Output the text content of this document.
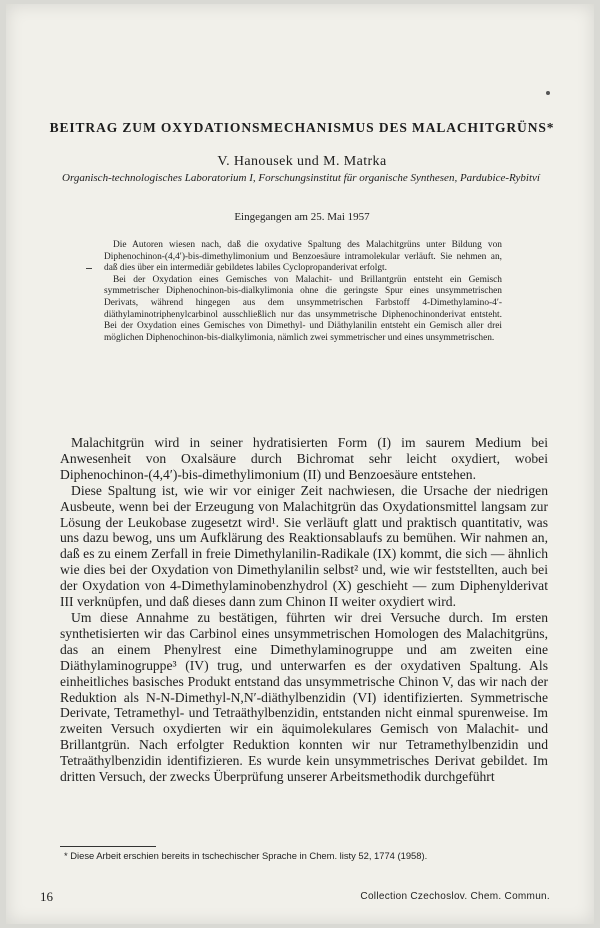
BEITRAG ZUM OXYDATIONSMECHANISMUS DES MALACHITGRÜNS*
V. Hanousek und M. Matrka
Organisch-technologisches Laboratorium I, Forschungsinstitut für organische Synthesen, Pardubice-Rybitví
Eingegangen am 25. Mai 1957

Die Autoren wiesen nach, daß die oxydative Spaltung des Malachitgrüns unter Bildung von Diphenochinon-(4,4′)-bis-dimethylimonium und Benzoesäure intramolekular verläuft. Sie nehmen an, daß dies über ein intermediär gebildetes labiles Cyclopropanderivat erfolgt.

Bei der Oxydation eines Gemisches von Malachit- und Brillantgrün entsteht ein Gemisch symmetrischer Diphenochinon-bis-dialkylimonia ohne die geringste Spur eines unsymmetrischen Derivats, während hingegen aus dem unsymmetrischen Farbstoff 4-Dimethylamino-4′-diäthylaminotriphenylcarbinol ausschließlich nur das unsymmetrische Diphenochinonderivat entsteht. Bei der Oxydation eines Gemisches von Dimethyl- und Diäthylanilin entsteht ein Gemisch aller drei möglichen Diphenochinon-bis-dialkylimonia, nämlich zwei symmetrischer und eines unsymmetrischen.

Malachitgrün wird in seiner hydratisierten Form (I) im saurem Medium bei Anwesenheit von Oxalsäure durch Bichromat sehr leicht oxydiert, wobei Diphenochinon-(4,4′)-bis-dimethylimonium (II) und Benzoesäure entstehen.

Diese Spaltung ist, wie wir vor einiger Zeit nachwiesen, die Ursache der niedrigen Ausbeute, wenn bei der Erzeugung von Malachitgrün das Oxydationsmittel langsam zur Lösung der Leukobase zugesetzt wird¹. Sie verläuft glatt und praktisch quantitativ, was uns dazu bewog, uns um Aufklärung des Reaktionsablaufs zu bemühen. Wir nahmen an, daß es zu einem Zerfall in freie Dimethylanilin-Radikale (IX) kommt, die sich — ähnlich wie dies bei der Oxydation von Dimethylanilin selbst² und, wie wir feststellten, auch bei der Oxydation von 4-Dimethylaminobenzhydrol (X) geschieht — zum Diphenylderivat III verknüpfen, und daß dieses dann zum Chinon II weiter oxydiert wird.

Um diese Annahme zu bestätigen, führten wir drei Versuche durch. Im ersten synthetisierten wir das Carbinol eines unsymmetrischen Homologen des Malachitgrüns, das an einem Phenylrest eine Dimethylaminogruppe und am zweiten eine Diäthylaminogruppe³ (IV) trug, und unterwarfen es der oxydativen Spaltung. Als einheitliches basisches Produkt entstand das unsymmetrische Chinon V, das wir nach der Reduktion als N-N-Dimethyl-N,N′-diäthylbenzidin (VI) identifizierten. Symmetrische Derivate, Tetramethyl- und Tetraäthylbenzidin, entstanden nicht einmal spurenweise. Im zweiten Versuch oxydierten wir ein äquimolekulares Gemisch von Malachit- und Brillantgrün. Nach erfolgter Reduktion konnten wir nur Tetramethylbenzidin und Tetraäthylbenzidin identifizieren. Es wurde kein unsymmetrisches Derivat gebildet. Im dritten Versuch, der zwecks Überprüfung unserer Arbeitsmethodik durchgeführt

* Diese Arbeit erschien bereits in tschechischer Sprache in Chem. listy 52, 1774 (1958).
16	Collection Czechoslov. Chem. Commun.
